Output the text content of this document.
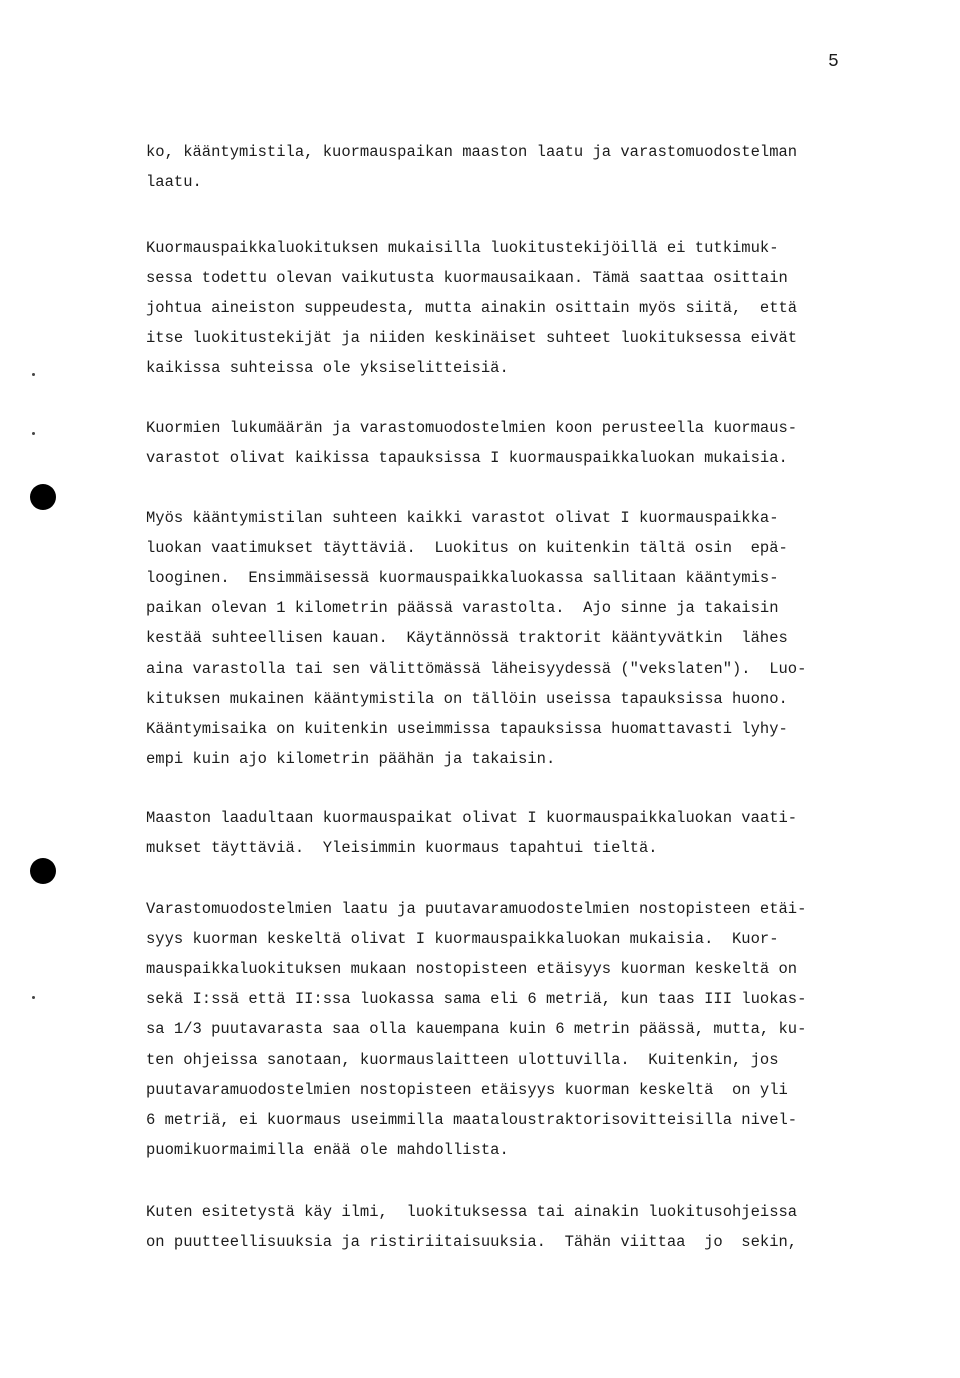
5
ko, kääntymistila, kuormauspaikan maaston laatu ja varastomuodostelman
laatu.
Kuormauspaikkaluokituksen mukaisilla luokitustekijöillä ei tutkimuk-
sessa todettu olevan vaikutusta kuormausaikaan. Tämä saattaa osittain
johtua aineiston suppeudesta, mutta ainakin osittain myös siitä,  että
itse luokitustekijät ja niiden keskinäiset suhteet luokituksessa eivät
kaikissa suhteissa ole yksiselitteisiä.
Kuormien lukumäärän ja varastomuodostelmien koon perusteella kuormaus-
varastot olivat kaikissa tapauksissa I kuormauspaikkaluokan mukaisia.
Myös kääntymistilan suhteen kaikki varastot olivat I kuormauspaikka-
luokan vaatimukset täyttäviä.  Luokitus on kuitenkin tältä osin  epä-
looginen.  Ensimmäisessä kuormauspaikkaluokassa sallitaan kääntymis-
paikan olevan 1 kilometrin päässä varastolta.  Ajo sinne ja takaisin
kestää suhteellisen kauan.  Käytännössä traktorit kääntyvätkin  lähes
aina varastolla tai sen välittömässä läheisyydessä ("vekslaten").  Luo-
kituksen mukainen kääntymistila on tällöin useissa tapauksissa huono.
Kääntymisaika on kuitenkin useimmissa tapauksissa huomattavasti lyhy-
empi kuin ajo kilometrin päähän ja takaisin.
Maaston laadultaan kuormauspaikat olivat I kuormauspaikkaluokan vaati-
mukset täyttäviä.  Yleisimmin kuormaus tapahtui tieltä.
Varastomuodostelmien laatu ja puutavaramuodostelmien nostopisteen etäi-
syys kuorman keskeltä olivat I kuormauspaikkaluokan mukaisia.  Kuor-
mauspaikkaluokituksen mukaan nostopisteen etäisyys kuorman keskeltä on
sekä I:ssä että II:ssa luokassa sama eli 6 metriä, kun taas III luokas-
sa 1/3 puutavarasta saa olla kauempana kuin 6 metrin päässä, mutta, ku-
ten ohjeissa sanotaan, kuormauslaitteen ulottuvilla.  Kuitenkin, jos
puutavaramuodostelmien nostopisteen etäisyys kuorman keskeltä  on yli
6 metriä, ei kuormaus useimmilla maataloustraktorisovitteisilla nivel-
puomikuormaimilla enää ole mahdollista.
Kuten esitetystä käy ilmi,  luokituksessa tai ainakin luokitusohjeissa
on puutteellisuuksia ja ristiriitaisuuksia.  Tähän viittaa  jo  sekin,
